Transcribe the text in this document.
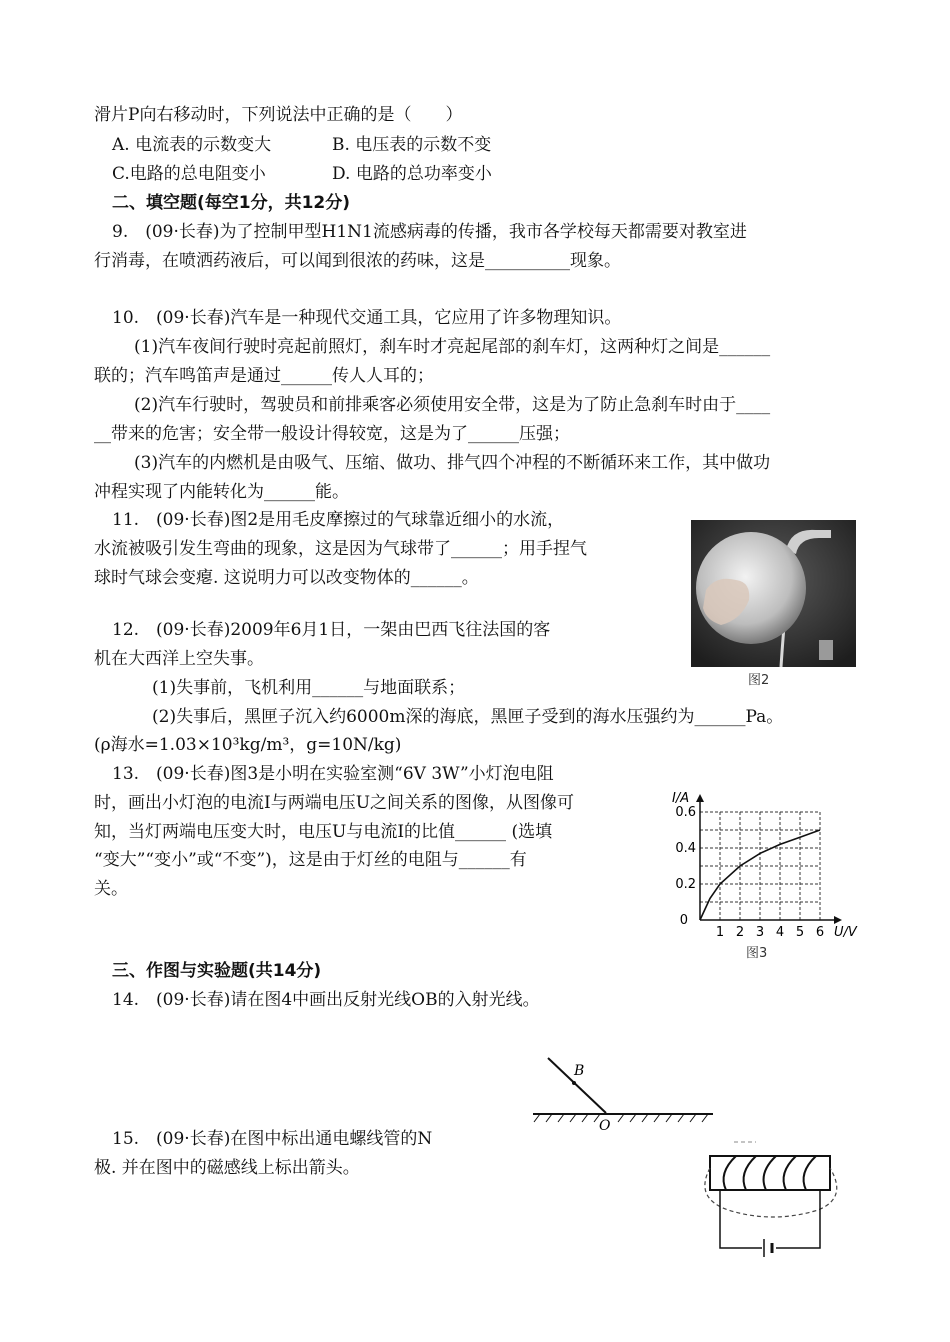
滑片P向右移动时，下列说法中正确的是（　　）
A. 电流表的示数变大	B. 电压表的示数不变
C.电路的总电阻变小	D. 电路的总功率变小
二、填空题(每空1分，共12分)
9.　(09·长春)为了控制甲型H1N1流感病毒的传播，我市各学校每天都需要对教室进
行消毒，在喷洒药液后，可以闻到很浓的药味，这是__________现象。
10.　(09·长春)汽车是一种现代交通工具，它应用了许多物理知识。
(1)汽车夜间行驶时亮起前照灯，刹车时才亮起尾部的刹车灯，这两种灯之间是______
联的；汽车鸣笛声是通过______传人人耳的；
(2)汽车行驶时，驾驶员和前排乘客必须使用安全带，这是为了防止急刹车时由于____
__带来的危害；安全带一般设计得较宽，这是为了______压强；
(3)汽车的内燃机是由吸气、压缩、做功、排气四个冲程的不断循环来工作，其中做功
冲程实现了内能转化为______能。
11.　(09·长春)图2是用毛皮摩擦过的气球靠近细小的水流，
水流被吸引发生弯曲的现象，这是因为气球带了______；用手捏气
球时气球会变瘪. 这说明力可以改变物体的______。
图2
12.　(09·长春)2009年6月1日，一架由巴西飞往法国的客
机在大西洋上空失事。
(1)失事前，飞机利用______与地面联系；
(2)失事后，黑匣子沉入约6000m深的海底，黑匣子受到的海水压强约为______Pa。
(ρ海水=1.03×10³kg/m³，g=10N/kg)
13.　(09·长春)图3是小明在实验室测“6V 3W”小灯泡电阻
时，画出小灯泡的电流I与两端电压U之间关系的图像，从图像可
知，当灯两端电压变大时，电压U与电流I的比值______ (选填
“变大”“变小”或“不变”)，这是由于灯丝的电阻与______有
关。
1 2 3 4 5 6
0
0.2
0.4
0.6
U/V
I/A
图3
三、作图与实验题(共14分)
14.　(09·长春)请在图4中画出反射光线OB的入射光线。
B
O
15.　(09·长春)在图中标出通电螺线管的N
极. 并在图中的磁感线上标出箭头。
